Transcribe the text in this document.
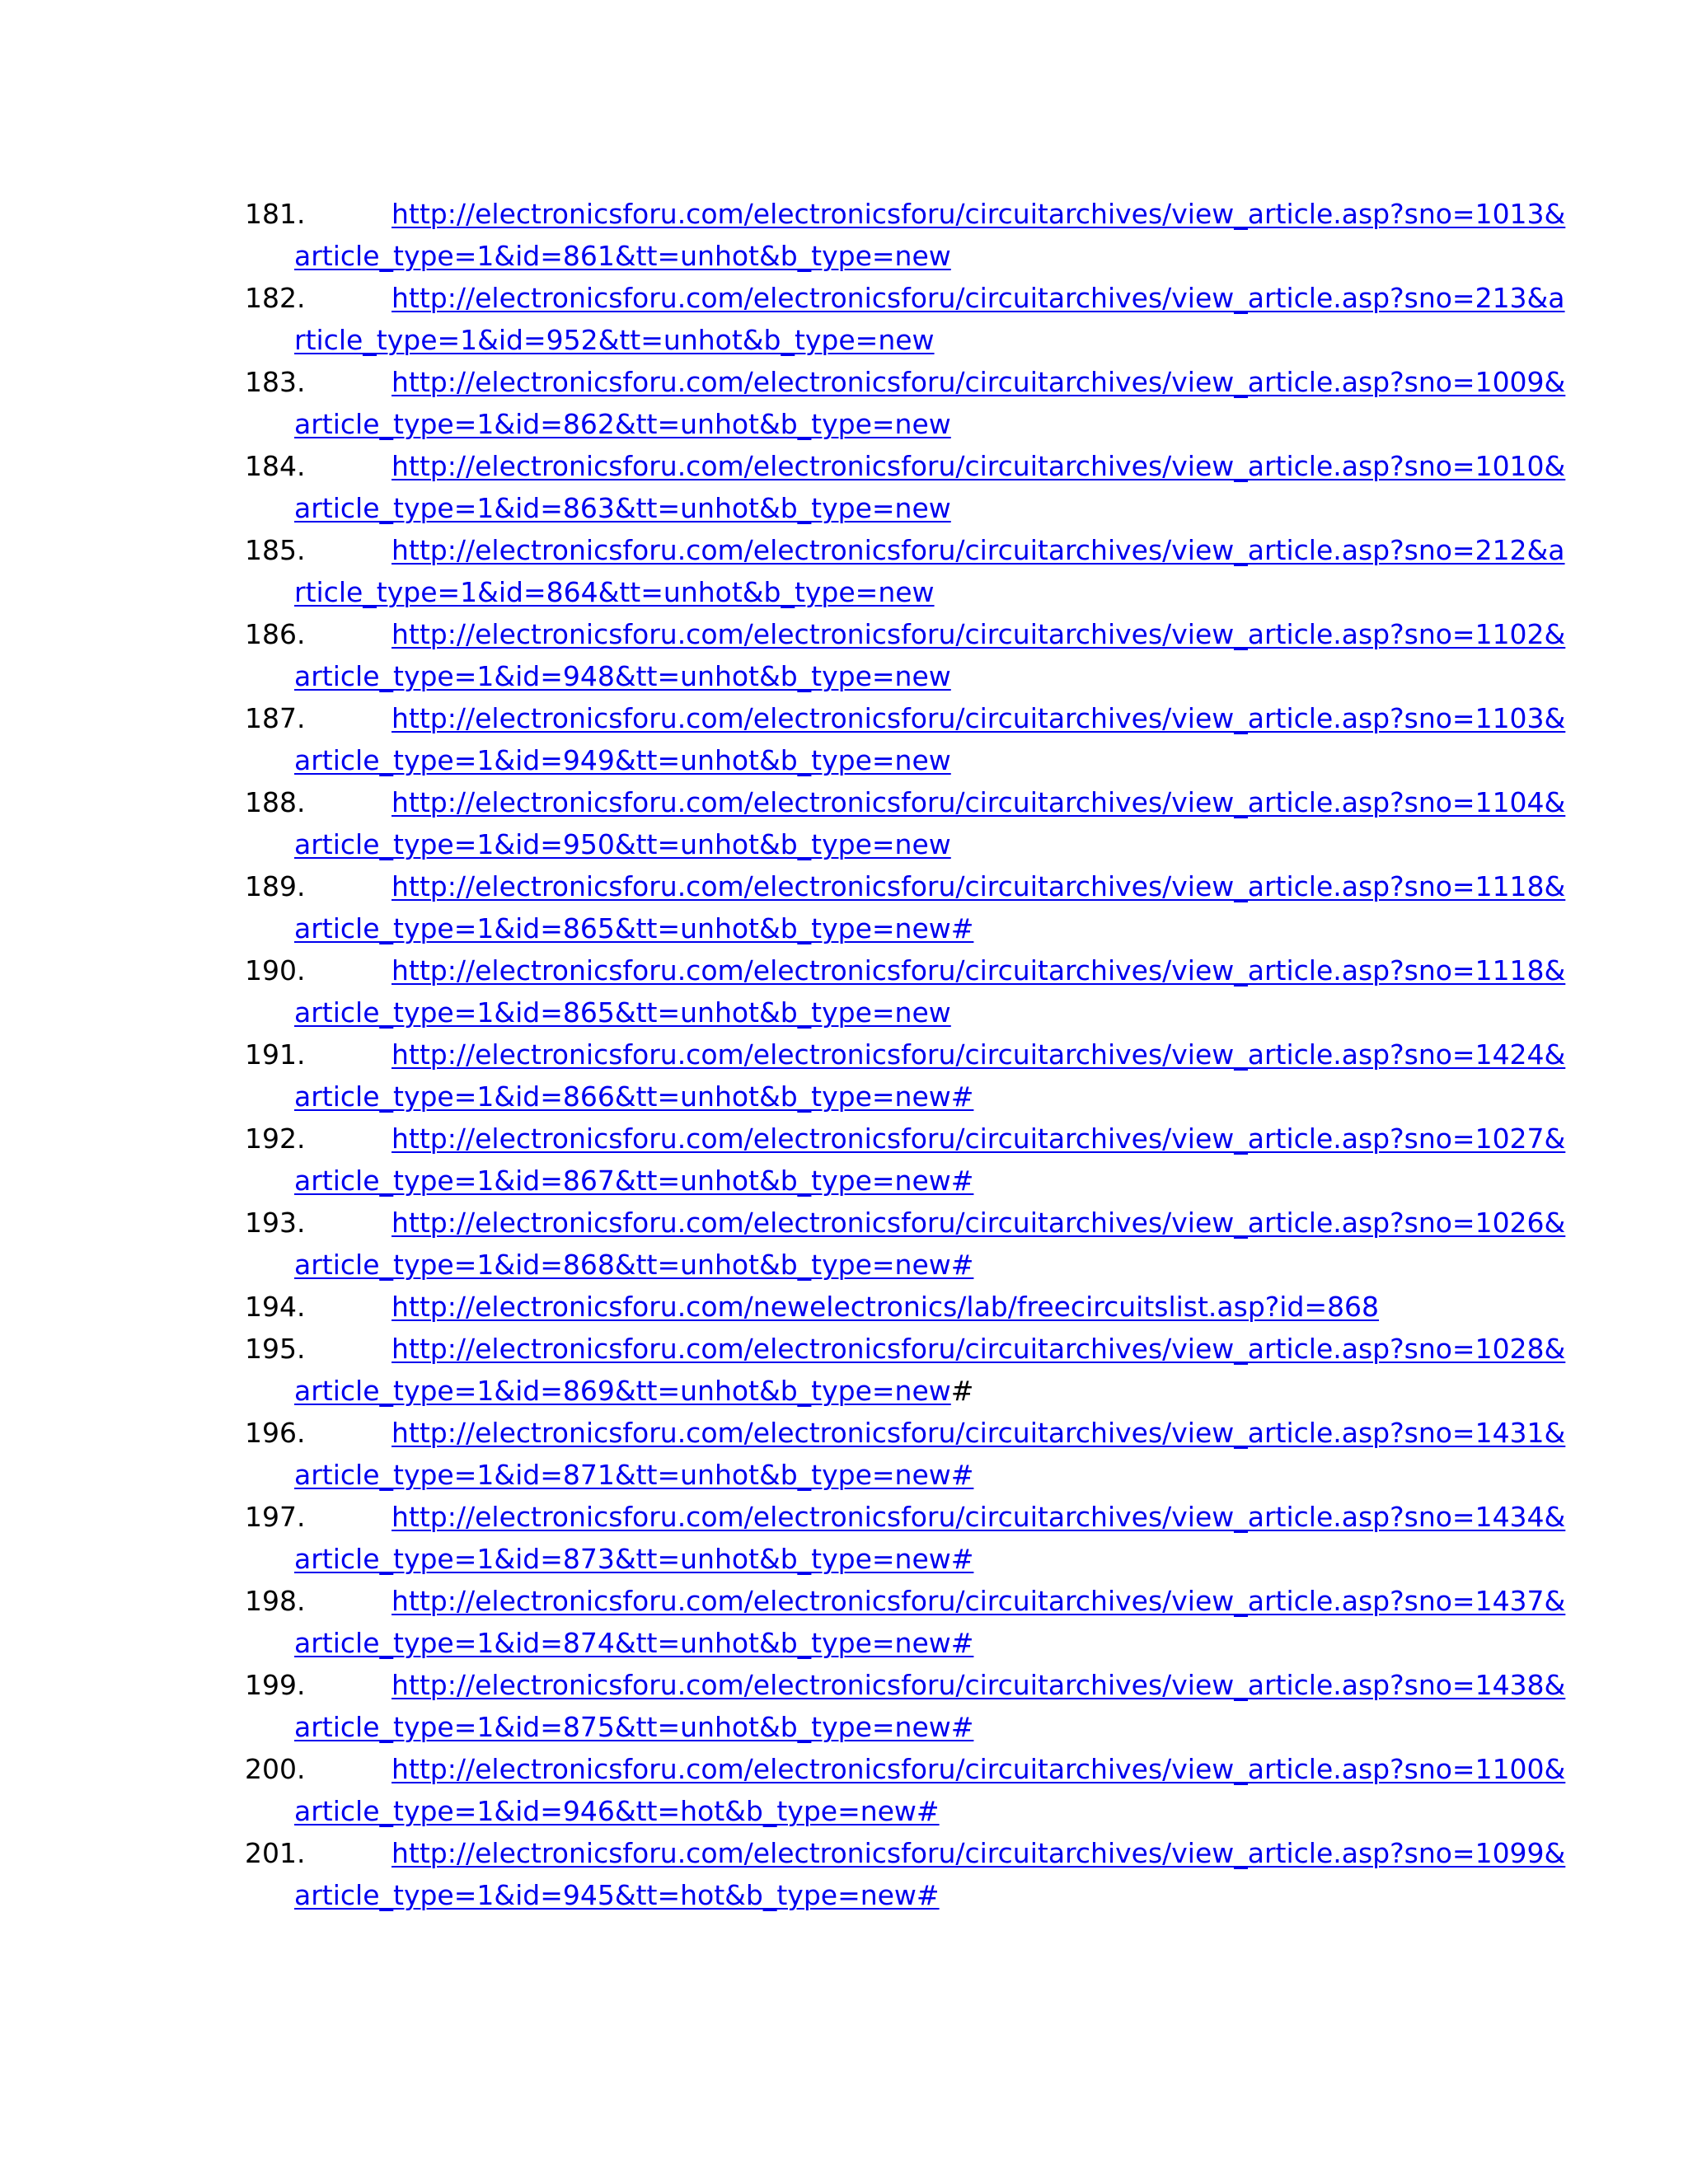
181.	http://electronicsforu.com/electronicsforu/circuitarchives/view_article.asp?sno=1013&
article_type=1&id=861&tt=unhot&b_type=new
182.	http://electronicsforu.com/electronicsforu/circuitarchives/view_article.asp?sno=213&a
rticle_type=1&id=952&tt=unhot&b_type=new
183.	http://electronicsforu.com/electronicsforu/circuitarchives/view_article.asp?sno=1009&
article_type=1&id=862&tt=unhot&b_type=new
184.	http://electronicsforu.com/electronicsforu/circuitarchives/view_article.asp?sno=1010&
article_type=1&id=863&tt=unhot&b_type=new
185.	http://electronicsforu.com/electronicsforu/circuitarchives/view_article.asp?sno=212&a
rticle_type=1&id=864&tt=unhot&b_type=new
186.	http://electronicsforu.com/electronicsforu/circuitarchives/view_article.asp?sno=1102&
article_type=1&id=948&tt=unhot&b_type=new
187.	http://electronicsforu.com/electronicsforu/circuitarchives/view_article.asp?sno=1103&
article_type=1&id=949&tt=unhot&b_type=new
188.	http://electronicsforu.com/electronicsforu/circuitarchives/view_article.asp?sno=1104&
article_type=1&id=950&tt=unhot&b_type=new
189.	http://electronicsforu.com/electronicsforu/circuitarchives/view_article.asp?sno=1118&
article_type=1&id=865&tt=unhot&b_type=new#
190.	http://electronicsforu.com/electronicsforu/circuitarchives/view_article.asp?sno=1118&
article_type=1&id=865&tt=unhot&b_type=new
191.	http://electronicsforu.com/electronicsforu/circuitarchives/view_article.asp?sno=1424&
article_type=1&id=866&tt=unhot&b_type=new#
192.	http://electronicsforu.com/electronicsforu/circuitarchives/view_article.asp?sno=1027&
article_type=1&id=867&tt=unhot&b_type=new#
193.	http://electronicsforu.com/electronicsforu/circuitarchives/view_article.asp?sno=1026&
article_type=1&id=868&tt=unhot&b_type=new#
194.	http://electronicsforu.com/newelectronics/lab/freecircuitslist.asp?id=868
195.	http://electronicsforu.com/electronicsforu/circuitarchives/view_article.asp?sno=1028&
article_type=1&id=869&tt=unhot&b_type=new#
196.	http://electronicsforu.com/electronicsforu/circuitarchives/view_article.asp?sno=1431&
article_type=1&id=871&tt=unhot&b_type=new#
197.	http://electronicsforu.com/electronicsforu/circuitarchives/view_article.asp?sno=1434&
article_type=1&id=873&tt=unhot&b_type=new#
198.	http://electronicsforu.com/electronicsforu/circuitarchives/view_article.asp?sno=1437&
article_type=1&id=874&tt=unhot&b_type=new#
199.	http://electronicsforu.com/electronicsforu/circuitarchives/view_article.asp?sno=1438&
article_type=1&id=875&tt=unhot&b_type=new#
200.	http://electronicsforu.com/electronicsforu/circuitarchives/view_article.asp?sno=1100&
article_type=1&id=946&tt=hot&b_type=new#
201.	http://electronicsforu.com/electronicsforu/circuitarchives/view_article.asp?sno=1099&
article_type=1&id=945&tt=hot&b_type=new#
